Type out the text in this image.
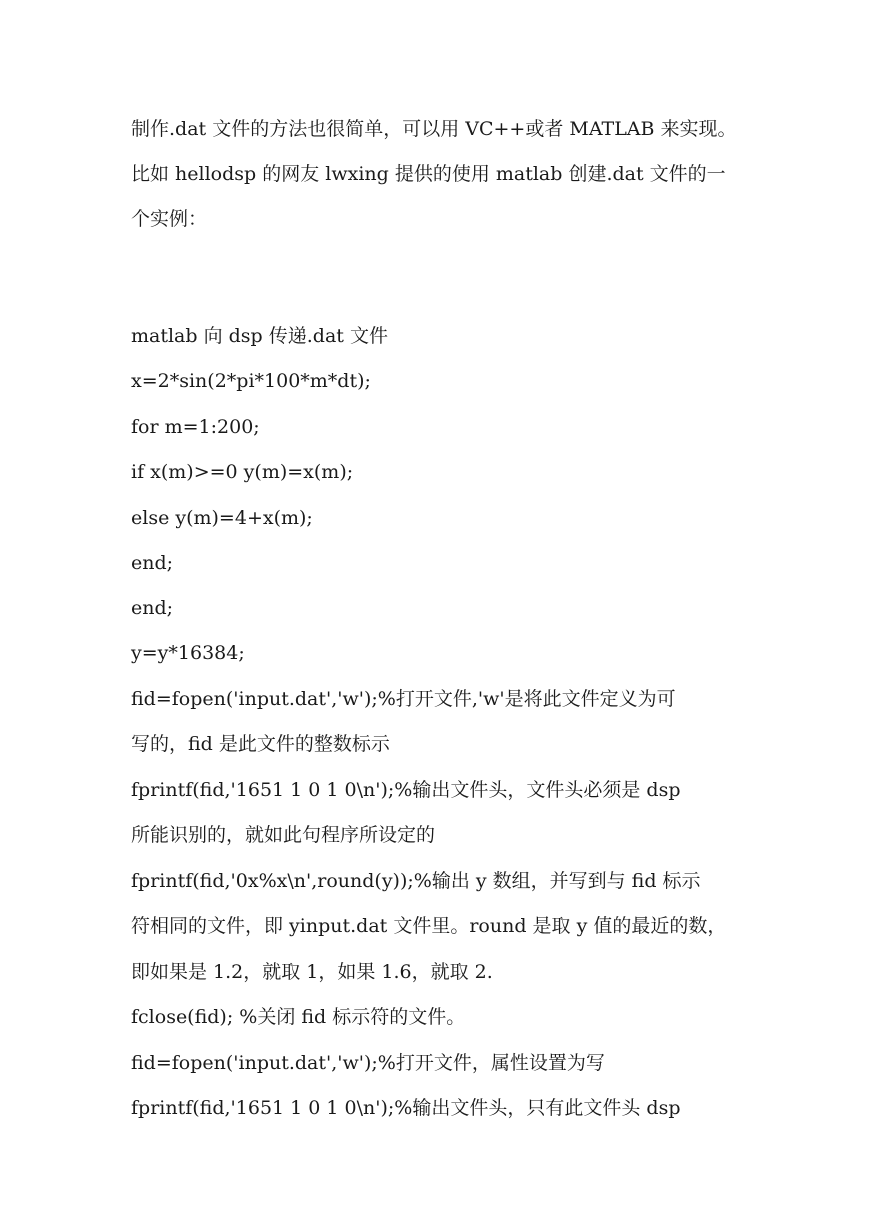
制作.dat 文件的方法也很简单，可以用 VC++或者 MATLAB 来实现。
比如 hellodsp 的网友 lwxing 提供的使用 matlab 创建.dat 文件的一
个实例：
matlab 向 dsp 传递.dat 文件
x=2*sin(2*pi*100*m*dt);
for m=1:200;
if x(m)>=0 y(m)=x(m);
else y(m)=4+x(m);
end;
end;
y=y*16384;
fid=fopen('input.dat','w');%打开文件,'w'是将此文件定义为可
写的，fid 是此文件的整数标示
fprintf(fid,'1651 1 0 1 0\n');%输出文件头，文件头必须是 dsp
所能识别的，就如此句程序所设定的
fprintf(fid,'0x%x\n',round(y));%输出 y 数组，并写到与 fid 标示
符相同的文件，即 yinput.dat 文件里。round 是取 y 值的最近的数，
即如果是 1.2，就取 1，如果 1.6，就取 2.
fclose(fid); %关闭 fid 标示符的文件。
fid=fopen('input.dat','w');%打开文件，属性设置为写
fprintf(fid,'1651 1 0 1 0\n');%输出文件头，只有此文件头 dsp
